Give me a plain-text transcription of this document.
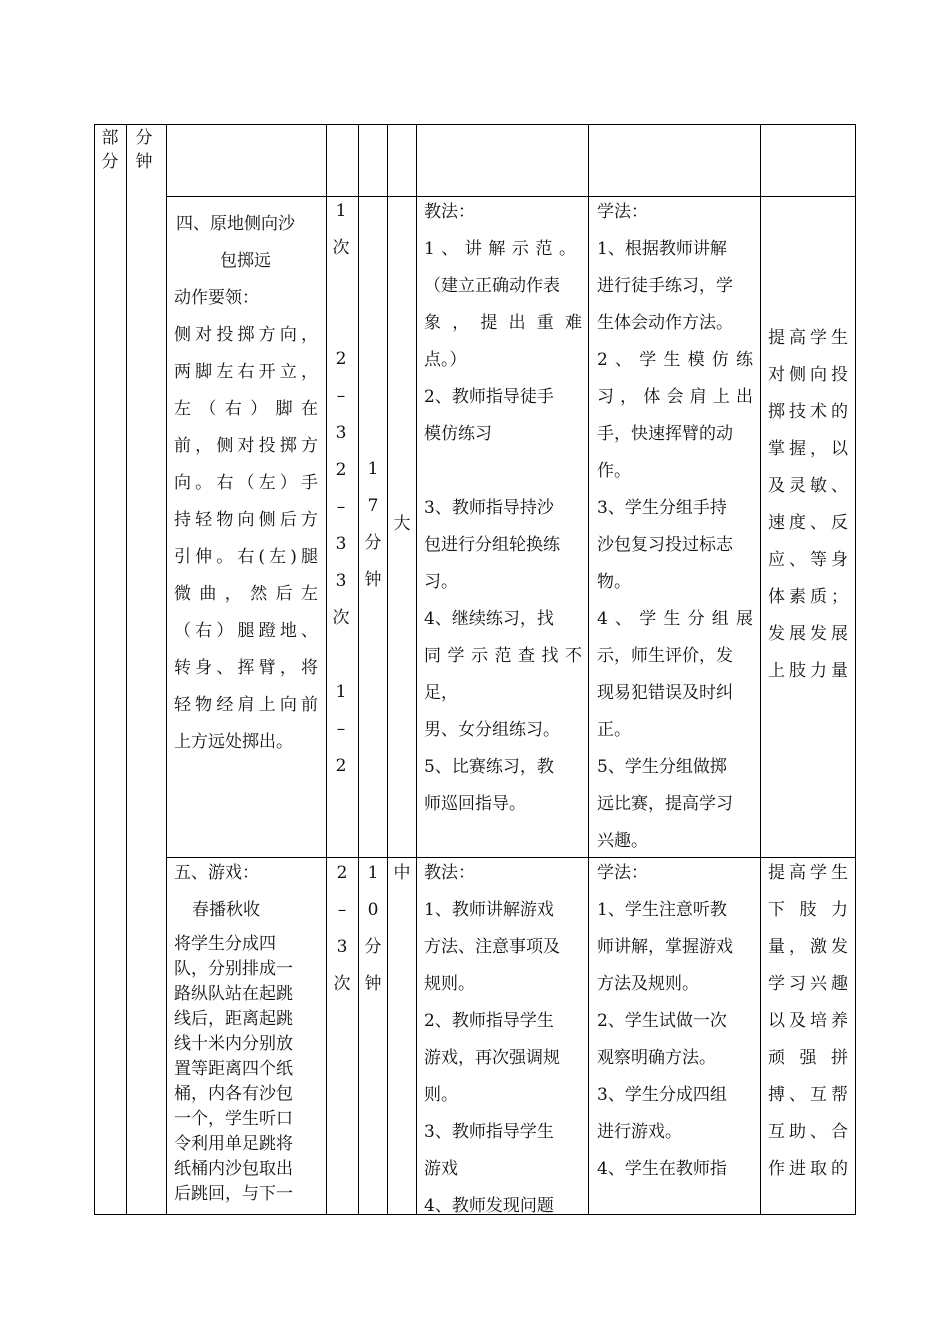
部
分
分
钟
四、原地侧向沙
包掷远
动作要领：
侧对投掷方向，
两脚左右开立，
左（右）脚在
前，侧对投掷方
向。右（左）手
持轻物向侧后方
引伸。右(左)腿
微曲，然后左
（右）腿蹬地、
转身、挥臂，将
轻物经肩上向前
上方远处掷出。
1
次
2
–
3
2
–
3
3
次
1
–
2
1
7
分
钟
大
教法：
1、讲解示范。
（建立正确动作表
象，提出重难
点。）
2、教师指导徒手
模仿练习
3、教师指导持沙
包进行分组轮换练
习。
4、继续练习，找
同学示范查找不
足，
男、女分组练习。
5、比赛练习，教
师巡回指导。
学法：
1、根据教师讲解
进行徒手练习，学
生体会动作方法。
2、学生模仿练
习，体会肩上出
手，快速挥臂的动
作。
3、学生分组手持
沙包复习投过标志
物。
4、学生分组展
示，师生评价，发
现易犯错误及时纠
正。
5、学生分组做掷
远比赛，提高学习
兴趣。
提高学生
对侧向投
掷技术的
掌握，以
及灵敏、
速度、反
应、等身
体素质；
发展发展
上肢力量
五、游戏：
春播秋收
将学生分成四
队，分别排成一
路纵队站在起跳
线后，距离起跳
线十米内分别放
置等距离四个纸
桶，内各有沙包
一个，学生听口
令利用单足跳将
纸桶内沙包取出
后跳回，与下一
2
–
3
次
1
0
分
钟
中 教法：
1、教师讲解游戏
方法、注意事项及
规则。
2、教师指导学生
游戏，再次强调规
则。
3、教师指导学生
游戏
4、教师发现问题
学法：
1、学生注意听教
师讲解，掌握游戏
方法及规则。
2、学生试做一次
观察明确方法。
3、学生分成四组
进行游戏。
4、学生在教师指
提高学生
下肢力
量，激发
学习兴趣
以及培养
顽强拼
搏、互帮
互助、合
作进取的
